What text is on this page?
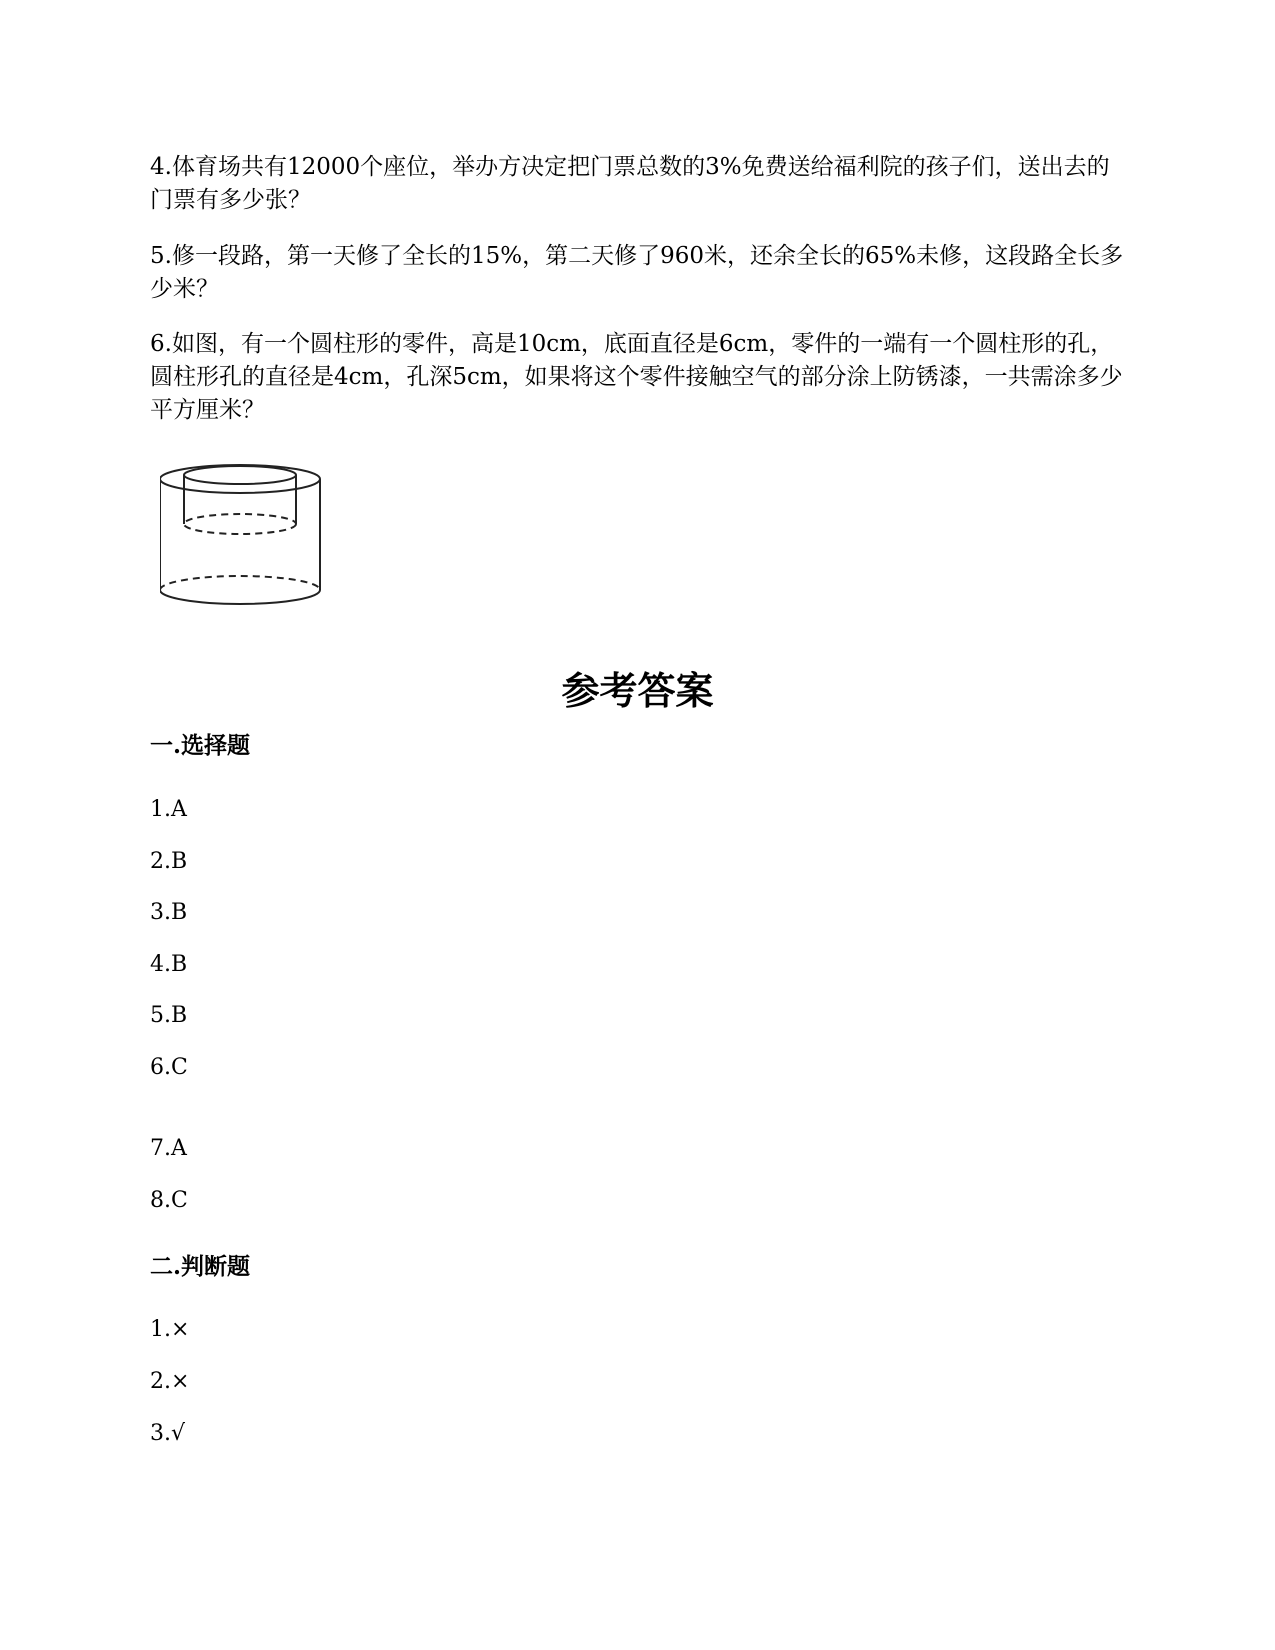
4.体育场共有12000个座位，举办方决定把门票总数的3%免费送给福利院的孩子们，送出去的门票有多少张？

5.修一段路，第一天修了全长的15%，第二天修了960米，还余全长的65%未修，这段路全长多少米？

6.如图，有一个圆柱形的零件，高是10cm，底面直径是6cm，零件的一端有一个圆柱形的孔，圆柱形孔的直径是4cm，孔深5cm，如果将这个零件接触空气的部分涂上防锈漆，一共需涂多少平方厘米？

参考答案
一.选择题

1.A

2.B

3.B

4.B

5.B

6.C

7.A

8.C

二.判断题

1.×

2.×

3.√
